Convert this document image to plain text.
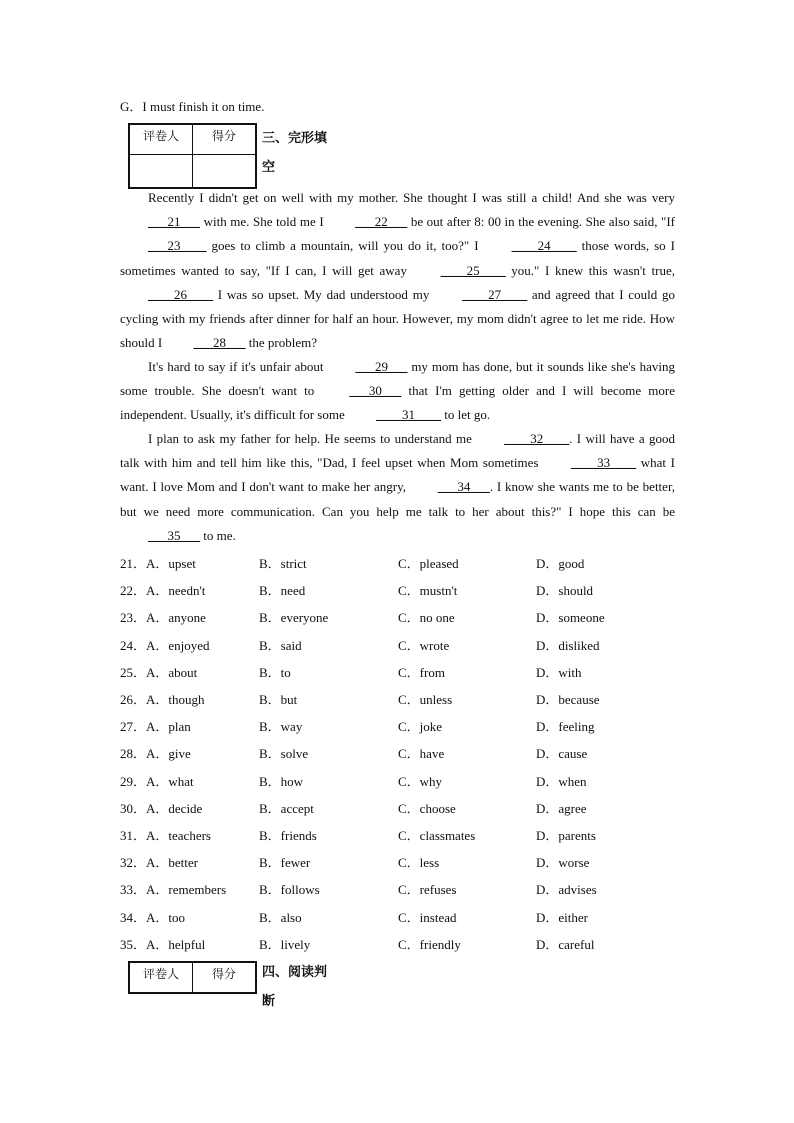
G．I must finish it on time.
评卷人	得分
	三、完形填
空
Recently I didn't get on well with my mother. She thought I was still a child! And she was very ___21___ with me. She told me I ___22___ be out after 8: 00 in the evening. She also said, "If ___23____ goes to climb a mountain, will you do it, too?" I ____24____ those words, so I sometimes wanted to say, "If I can, I will get away ____25____ you." I knew this wasn't true, ____26____ I was so upset. My dad understood my ____27____ and agreed that I could go cycling with my friends after dinner for half an hour. However, my mom didn't agree to let me ride. How should I ___28___ the problem?
It's hard to say if it's unfair about ___29___ my mom has done, but it sounds like she's having some trouble. She doesn't want to ___30___ that I'm getting older and I will become more independent. Usually, it's difficult for some ____31____ to let go.
I plan to ask my father for help. He seems to understand me ____32____. I will have a good talk with him and tell him like this, "Dad, I feel upset when Mom sometimes ____33____ what I want. I love Mom and I don't want to make her angry, ___34___. I know she wants me to be better, but we need more communication. Can you help me talk to her about this?" I hope this can be ___35___ to me.
21．A．upset	B．strict	C．pleased	D．good
22．A．needn't	B．need	C．mustn't	D．should
23．A．anyone	B．everyone	C．no one	D．someone
24．A．enjoyed	B．said	C．wrote	D．disliked
25．A．about	B．to	C．from	D．with
26．A．though	B．but	C．unless	D．because
27．A．plan	B．way	C．joke	D．feeling
28．A．give	B．solve	C．have	D．cause
29．A．what	B．how	C．why	D．when
30．A．decide	B．accept	C．choose	D．agree
31．A．teachers	B．friends	C．classmates	D．parents
32．A．better	B．fewer	C．less	D．worse
33．A．remembers	B．follows	C．refuses	D．advises
34．A．too	B．also	C．instead	D．either
35．A．helpful	B．lively	C．friendly	D．careful
评卷人	得分 四、阅读判
断
